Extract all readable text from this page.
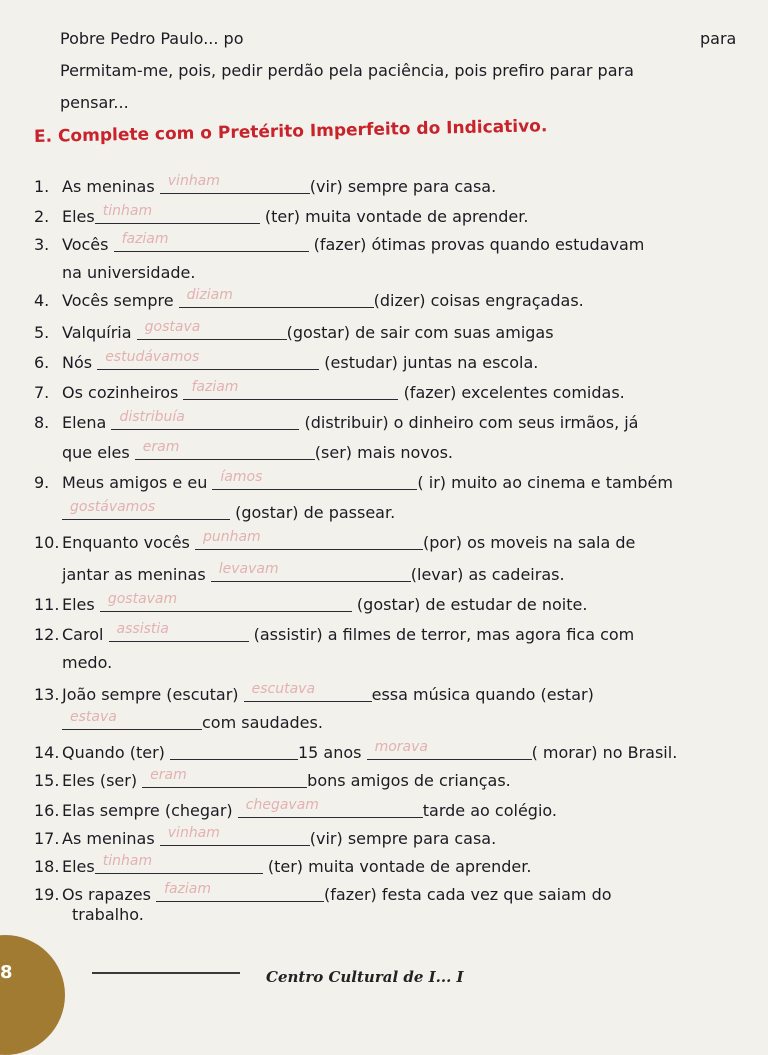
Pobre Pedro Paulo... po	para
Permitam-me, pois, pedir perdão pela paciência, pois prefiro parar para
pensar...
E. Complete com o Pretérito Imperfeito do Indicativo.
1. As meninas vinham	(vir) sempre para casa.
2. Eles tinham	(ter) muita vontade de aprender.
3. Vocês faziam	(fazer) ótimas provas quando estudavam
na universidade.
4. Vocês sempre diziam	(dizer) coisas engraçadas.
5. Valquíria gostava	(gostar) de sair com suas amigas
6. Nós estudávamos	(estudar) juntas na escola.
7. Os cozinheiros faziam	(fazer) excelentes comidas.
8. Elena distribuía	(distribuir) o dinheiro com seus irmãos, já
que eles eram	(ser) mais novos.
9. Meus amigos e eu íamos	( ir) muito ao cinema e também
gostávamos	(gostar) de passear.
10. Enquanto vocês punham	(por) os moveis na sala de
jantar as meninas levavam	(levar) as cadeiras.
11. Eles gostavam	(gostar) de estudar de noite.
12. Carol assistia	(assistir) a filmes de terror, mas agora fica com
medo.
13. João sempre (escutar) escutava	essa música quando (estar)
estava	com saudades.
14. Quando (ter)	15 anos morava	( morar) no Brasil.
15. Eles (ser) eram	bons amigos de crianças.
16. Elas sempre (chegar) chegavam	tarde ao colégio.
17. As meninas vinham	(vir) sempre para casa.
18. Eles tinham	(ter) muita vontade de aprender.
19. Os rapazes faziam	(fazer) festa cada vez que saiam do
trabalho.
8	Centro Cultural de I... I
